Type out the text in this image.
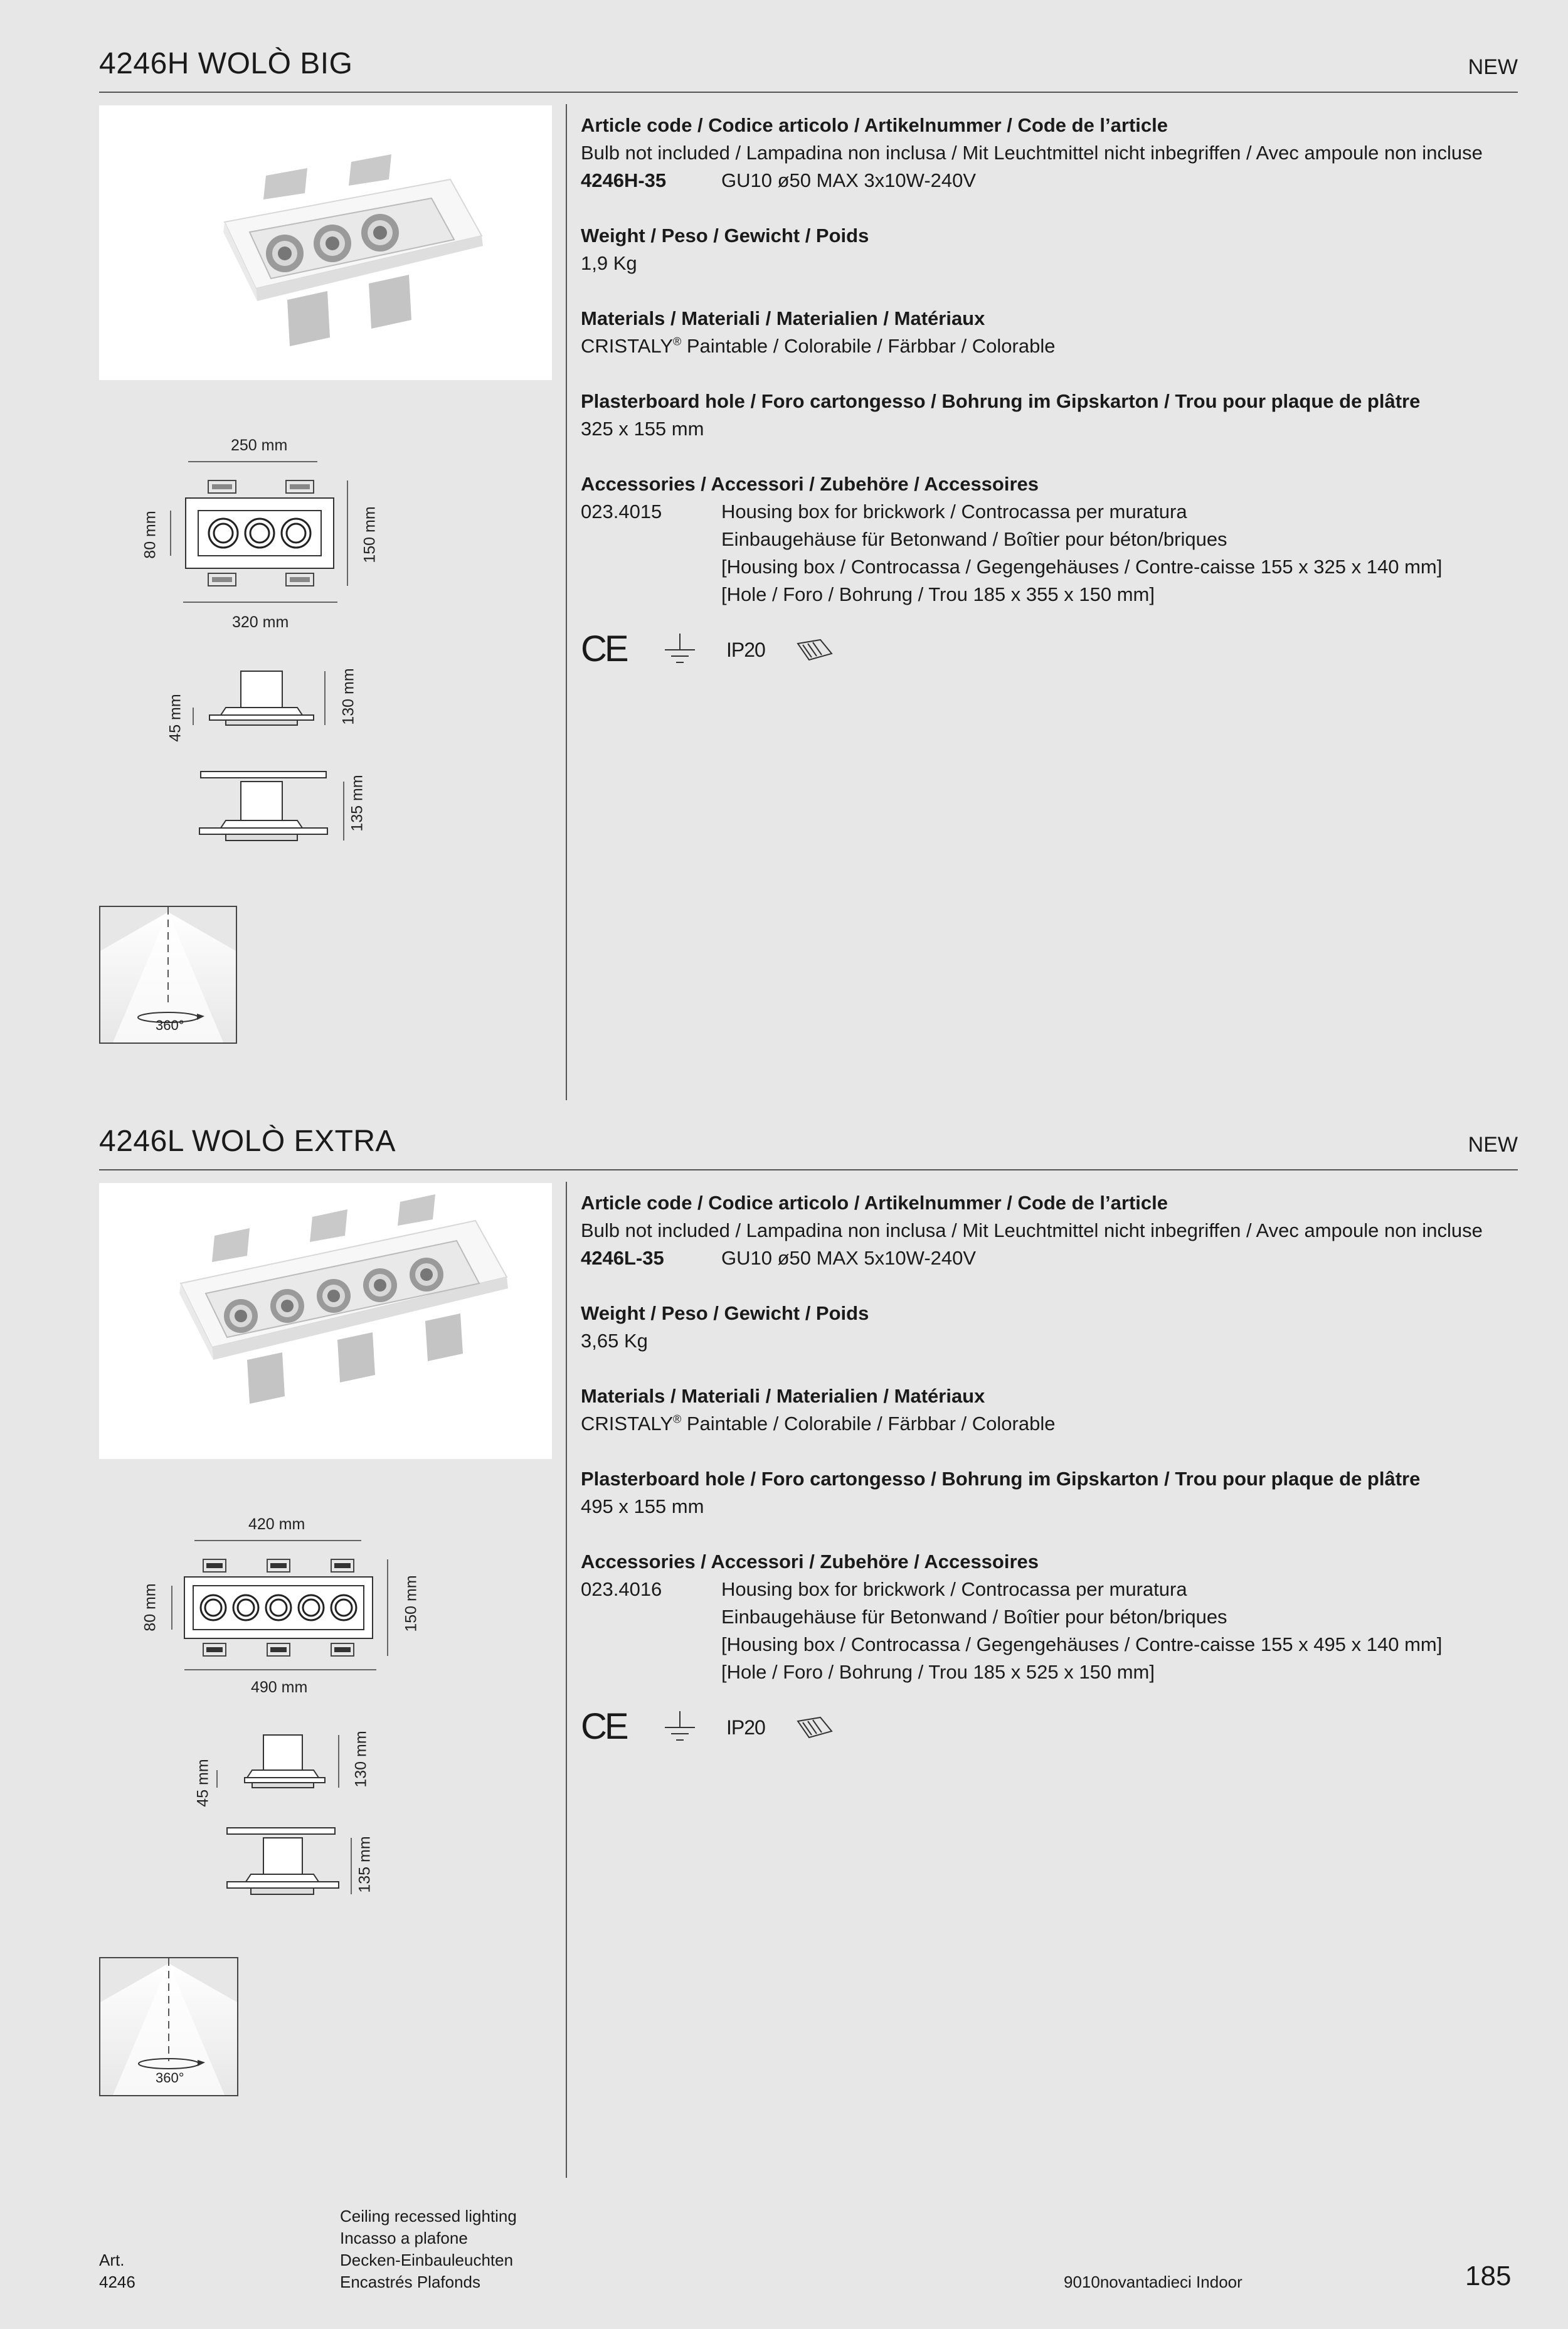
4246H WOLÒ BIG	NEW
250 mm
80 mm	150 mm
320 mm
45 mm	130 mm
135 mm
360°
Article code / Codice articolo / Artikelnummer / Code de l’article
Bulb not included / Lampadina non inclusa / Mit Leuchtmittel nicht inbegriffen / Avec ampoule non incluse
4246H-35	GU10 ø50 MAX 3x10W-240V
Weight / Peso / Gewicht / Poids
1,9 Kg
Materials / Materiali / Materialien / Matériaux
CRISTALY® Paintable / Colorabile / Färbbar / Colorable
Plasterboard hole / Foro cartongesso / Bohrung im Gipskarton / Trou pour plaque de plâtre
325 x 155 mm
Accessories / Accessori / Zubehöre / Accessoires
023.4015	Housing box for brickwork / Controcassa per muratura
Einbaugehäuse für Betonwand / Boîtier pour béton/briques
[Housing box / Controcassa / Gegengehäuses / Contre-caisse 155 x 325 x 140 mm]
[Hole / Foro / Bohrung / Trou 185 x 355 x 150 mm]
CE	IP20
4246L WOLÒ EXTRA	NEW
420 mm
80 mm	150 mm
490 mm
45 mm	130 mm
135 mm
360°
Article code / Codice articolo / Artikelnummer / Code de l’article
Bulb not included / Lampadina non inclusa / Mit Leuchtmittel nicht inbegriffen / Avec ampoule non incluse
4246L-35	GU10 ø50 MAX 5x10W-240V
Weight / Peso / Gewicht / Poids
3,65 Kg
Materials / Materiali / Materialien / Matériaux
CRISTALY® Paintable / Colorabile / Färbbar / Colorable
Plasterboard hole / Foro cartongesso / Bohrung im Gipskarton / Trou pour plaque de plâtre
495 x 155 mm
Accessories / Accessori / Zubehöre / Accessoires
023.4016	Housing box for brickwork / Controcassa per muratura
Einbaugehäuse für Betonwand / Boîtier pour béton/briques
[Housing box / Controcassa / Gegengehäuses / Contre-caisse 155 x 495 x 140 mm]
[Hole / Foro / Bohrung / Trou 185 x 525 x 150 mm]
CE	IP20
Art.
4246
Ceiling recessed lighting
Incasso a plafone
Decken-Einbauleuchten
Encastrés Plafonds	9010novantadieci Indoor	185
